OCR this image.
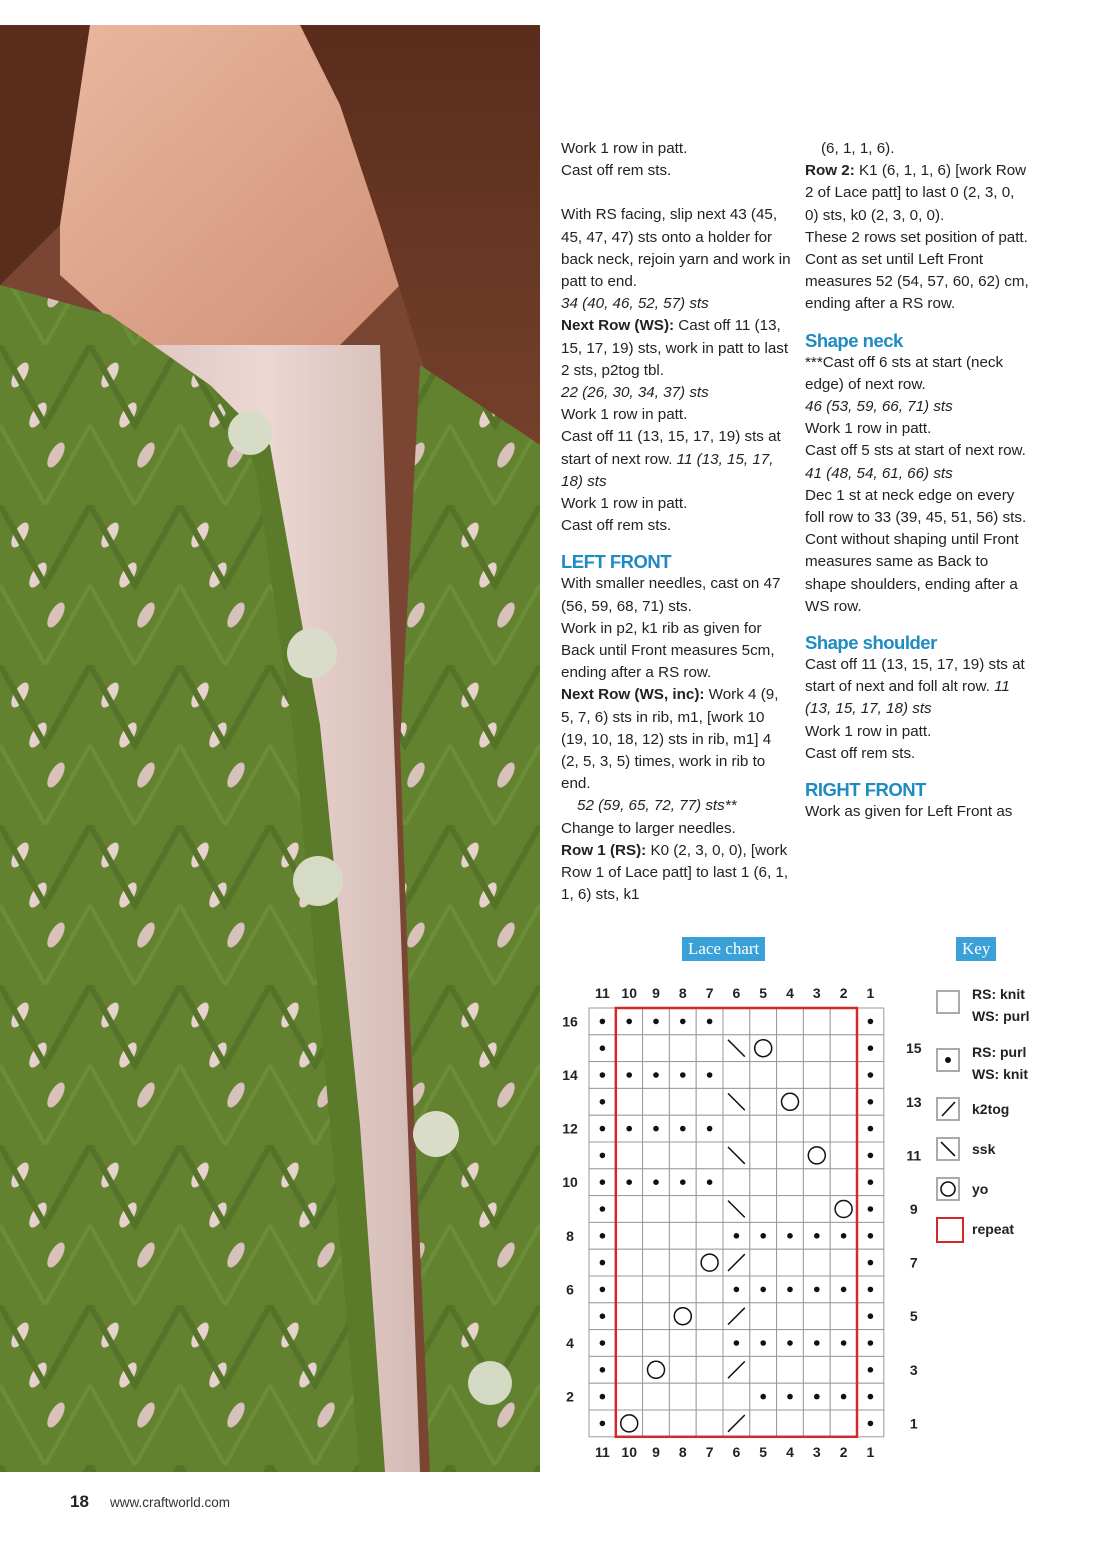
Work 1 row in patt.

Cast off rem sts.

With RS facing, slip next 43 (45, 45, 47, 47) sts onto a holder for back neck, rejoin yarn and work in patt to end.

34 (40, 46, 52, 57) sts

Next Row (WS): Cast off 11 (13, 15, 17, 19) sts, work in patt to last 2 sts, p2tog tbl.

22 (26, 30, 34, 37) sts

Work 1 row in patt.

Cast off 11 (13, 15, 17, 19) sts at start of next row. 11 (13, 15, 17, 18) sts

Work 1 row in patt.

Cast off rem sts.

LEFT FRONT

With smaller needles, cast on 47 (56, 59, 68, 71) sts.

Work in p2, k1 rib as given for Back until Front measures 5cm, ending after a RS row.

Next Row (WS, inc): Work 4 (9, 5, 7, 6) sts in rib, m1, [work 10 (19, 10, 18, 12) sts in rib, m1] 4 (2, 5, 3, 5) times, work in rib to end.

52 (59, 65, 72, 77) sts**

Change to larger needles.

Row 1 (RS): K0 (2, 3, 0, 0), [work Row 1 of Lace patt] to last 1 (6, 1, 1, 6) sts, k1

(6, 1, 1, 6).

Row 2: K1 (6, 1, 1, 6) [work Row 2 of Lace patt] to last 0 (2, 3, 0, 0) sts, k0 (2, 3, 0, 0).

These 2 rows set position of patt.

Cont as set until Left Front measures 52 (54, 57, 60, 62) cm, ending after a RS row.

Shape neck

***Cast off 6 sts at start (neck edge) of next row.

46 (53, 59, 66, 71) sts

Work 1 row in patt.

Cast off 5 sts at start of next row. 41 (48, 54, 61, 66) sts

Dec 1 st at neck edge on every foll row to 33 (39, 45, 51, 56) sts.

Cont without shaping until Front measures same as Back to shape shoulders, ending after a WS row.

Shape shoulder

Cast off 11 (13, 15, 17, 19) sts at start of next and foll alt row. 11 (13, 15, 17, 18) sts

Work 1 row in patt.

Cast off rem sts.

RIGHT FRONT

Work as given for Left Front as

Lace chart	Key
11
11
10
10
9
9
8
8
7
7
6
6
5
5
4
4
3
3
2
2
1
1
16
14
12
10
8
6
4
2
15
13
11
9
7
5
3
1
RS: knit
WS: purl
RS: purl
WS: knit
k2tog
ssk
yo
repeat
18 www.craftworld.com
